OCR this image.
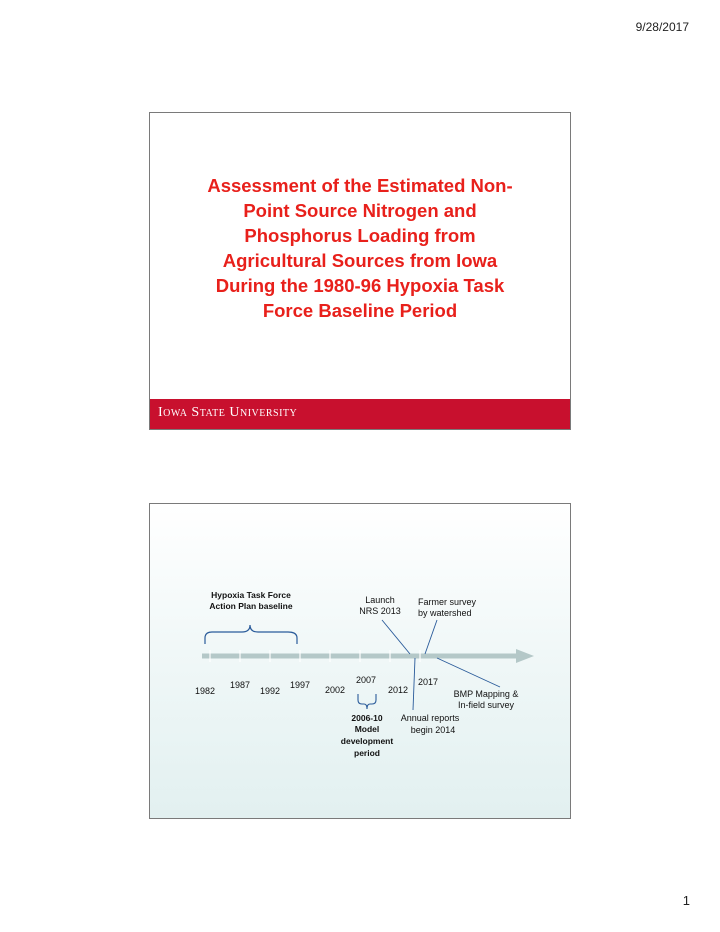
9/28/2017
Assessment of the Estimated Non-
Point Source Nitrogen and
Phosphorus Loading from
Agricultural Sources from Iowa
During the 1980-96 Hypoxia Task
Force Baseline Period
Iowa State University
Hypoxia Task Force
Action Plan baseline
Launch
NRS 2013
Farmer survey
by watershed
1987	1997	2007	2017
1982	1992	2002	2012	BMP Mapping &
In-field survey
2006-10
Model
development
period
Annual reports
begin 2014
1
